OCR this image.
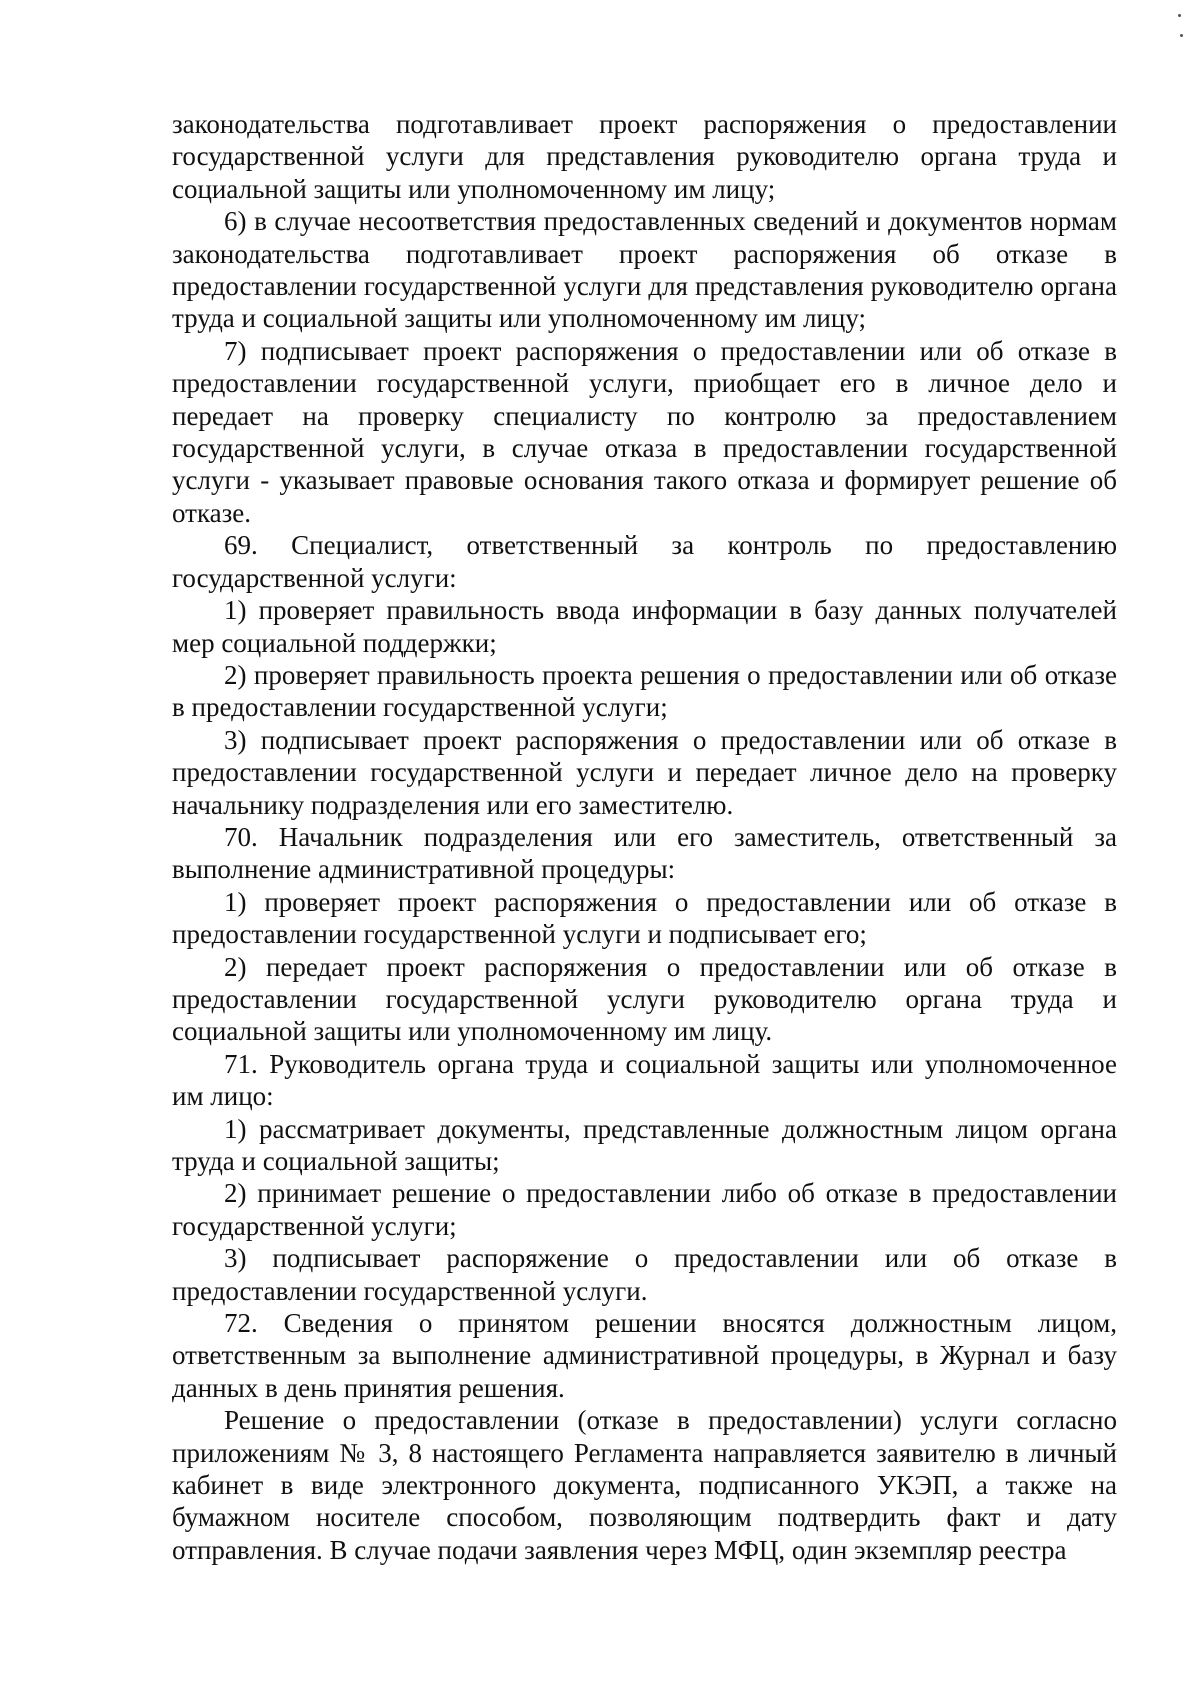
законодательства подготавливает проект распоряжения о предоставлении государственной услуги для представления руководителю органа труда и социальной защиты или уполномоченному им лицу;

6) в случае несоответствия предоставленных сведений и документов нормам законодательства подготавливает проект распоряжения об отказе в предоставлении государственной услуги для представления руководителю органа труда и социальной защиты или уполномоченному им лицу;

7) подписывает проект распоряжения о предоставлении или об отказе в предоставлении государственной услуги, приобщает его в личное дело и передает на проверку специалисту по контролю за предоставлением государственной услуги, в случае отказа в предоставлении государственной услуги - указывает правовые основания такого отказа и формирует решение об отказе.

69. Специалист, ответственный за контроль по предоставлению государственной услуги:

1) проверяет правильность ввода информации в базу данных получателей мер социальной поддержки;

2) проверяет правильность проекта решения о предоставлении или об отказе в предоставлении государственной услуги;

3) подписывает проект распоряжения о предоставлении или об отказе в предоставлении государственной услуги и передает личное дело на проверку начальнику подразделения или его заместителю.

70. Начальник подразделения или его заместитель, ответственный за выполнение административной процедуры:

1) проверяет проект распоряжения о предоставлении или об отказе в предоставлении государственной услуги и подписывает его;

2) передает проект распоряжения о предоставлении или об отказе в предоставлении государственной услуги руководителю органа труда и социальной защиты или уполномоченному им лицу.

71. Руководитель органа труда и социальной защиты или уполномоченное им лицо:

1) рассматривает документы, представленные должностным лицом органа труда и социальной защиты;

2) принимает решение о предоставлении либо об отказе в предоставлении государственной услуги;

3) подписывает распоряжение о предоставлении или об отказе в предоставлении государственной услуги.

72. Сведения о принятом решении вносятся должностным лицом, ответственным за выполнение административной процедуры, в Журнал и базу данных в день принятия решения.

Решение о предоставлении (отказе в предоставлении) услуги согласно приложениям № 3, 8 настоящего Регламента направляется заявителю в личный кабинет в виде электронного документа, подписанного УКЭП, а также на бумажном носителе способом, позволяющим подтвердить факт и дату отправления. В случае подачи заявления через МФЦ, один экземпляр реестра
